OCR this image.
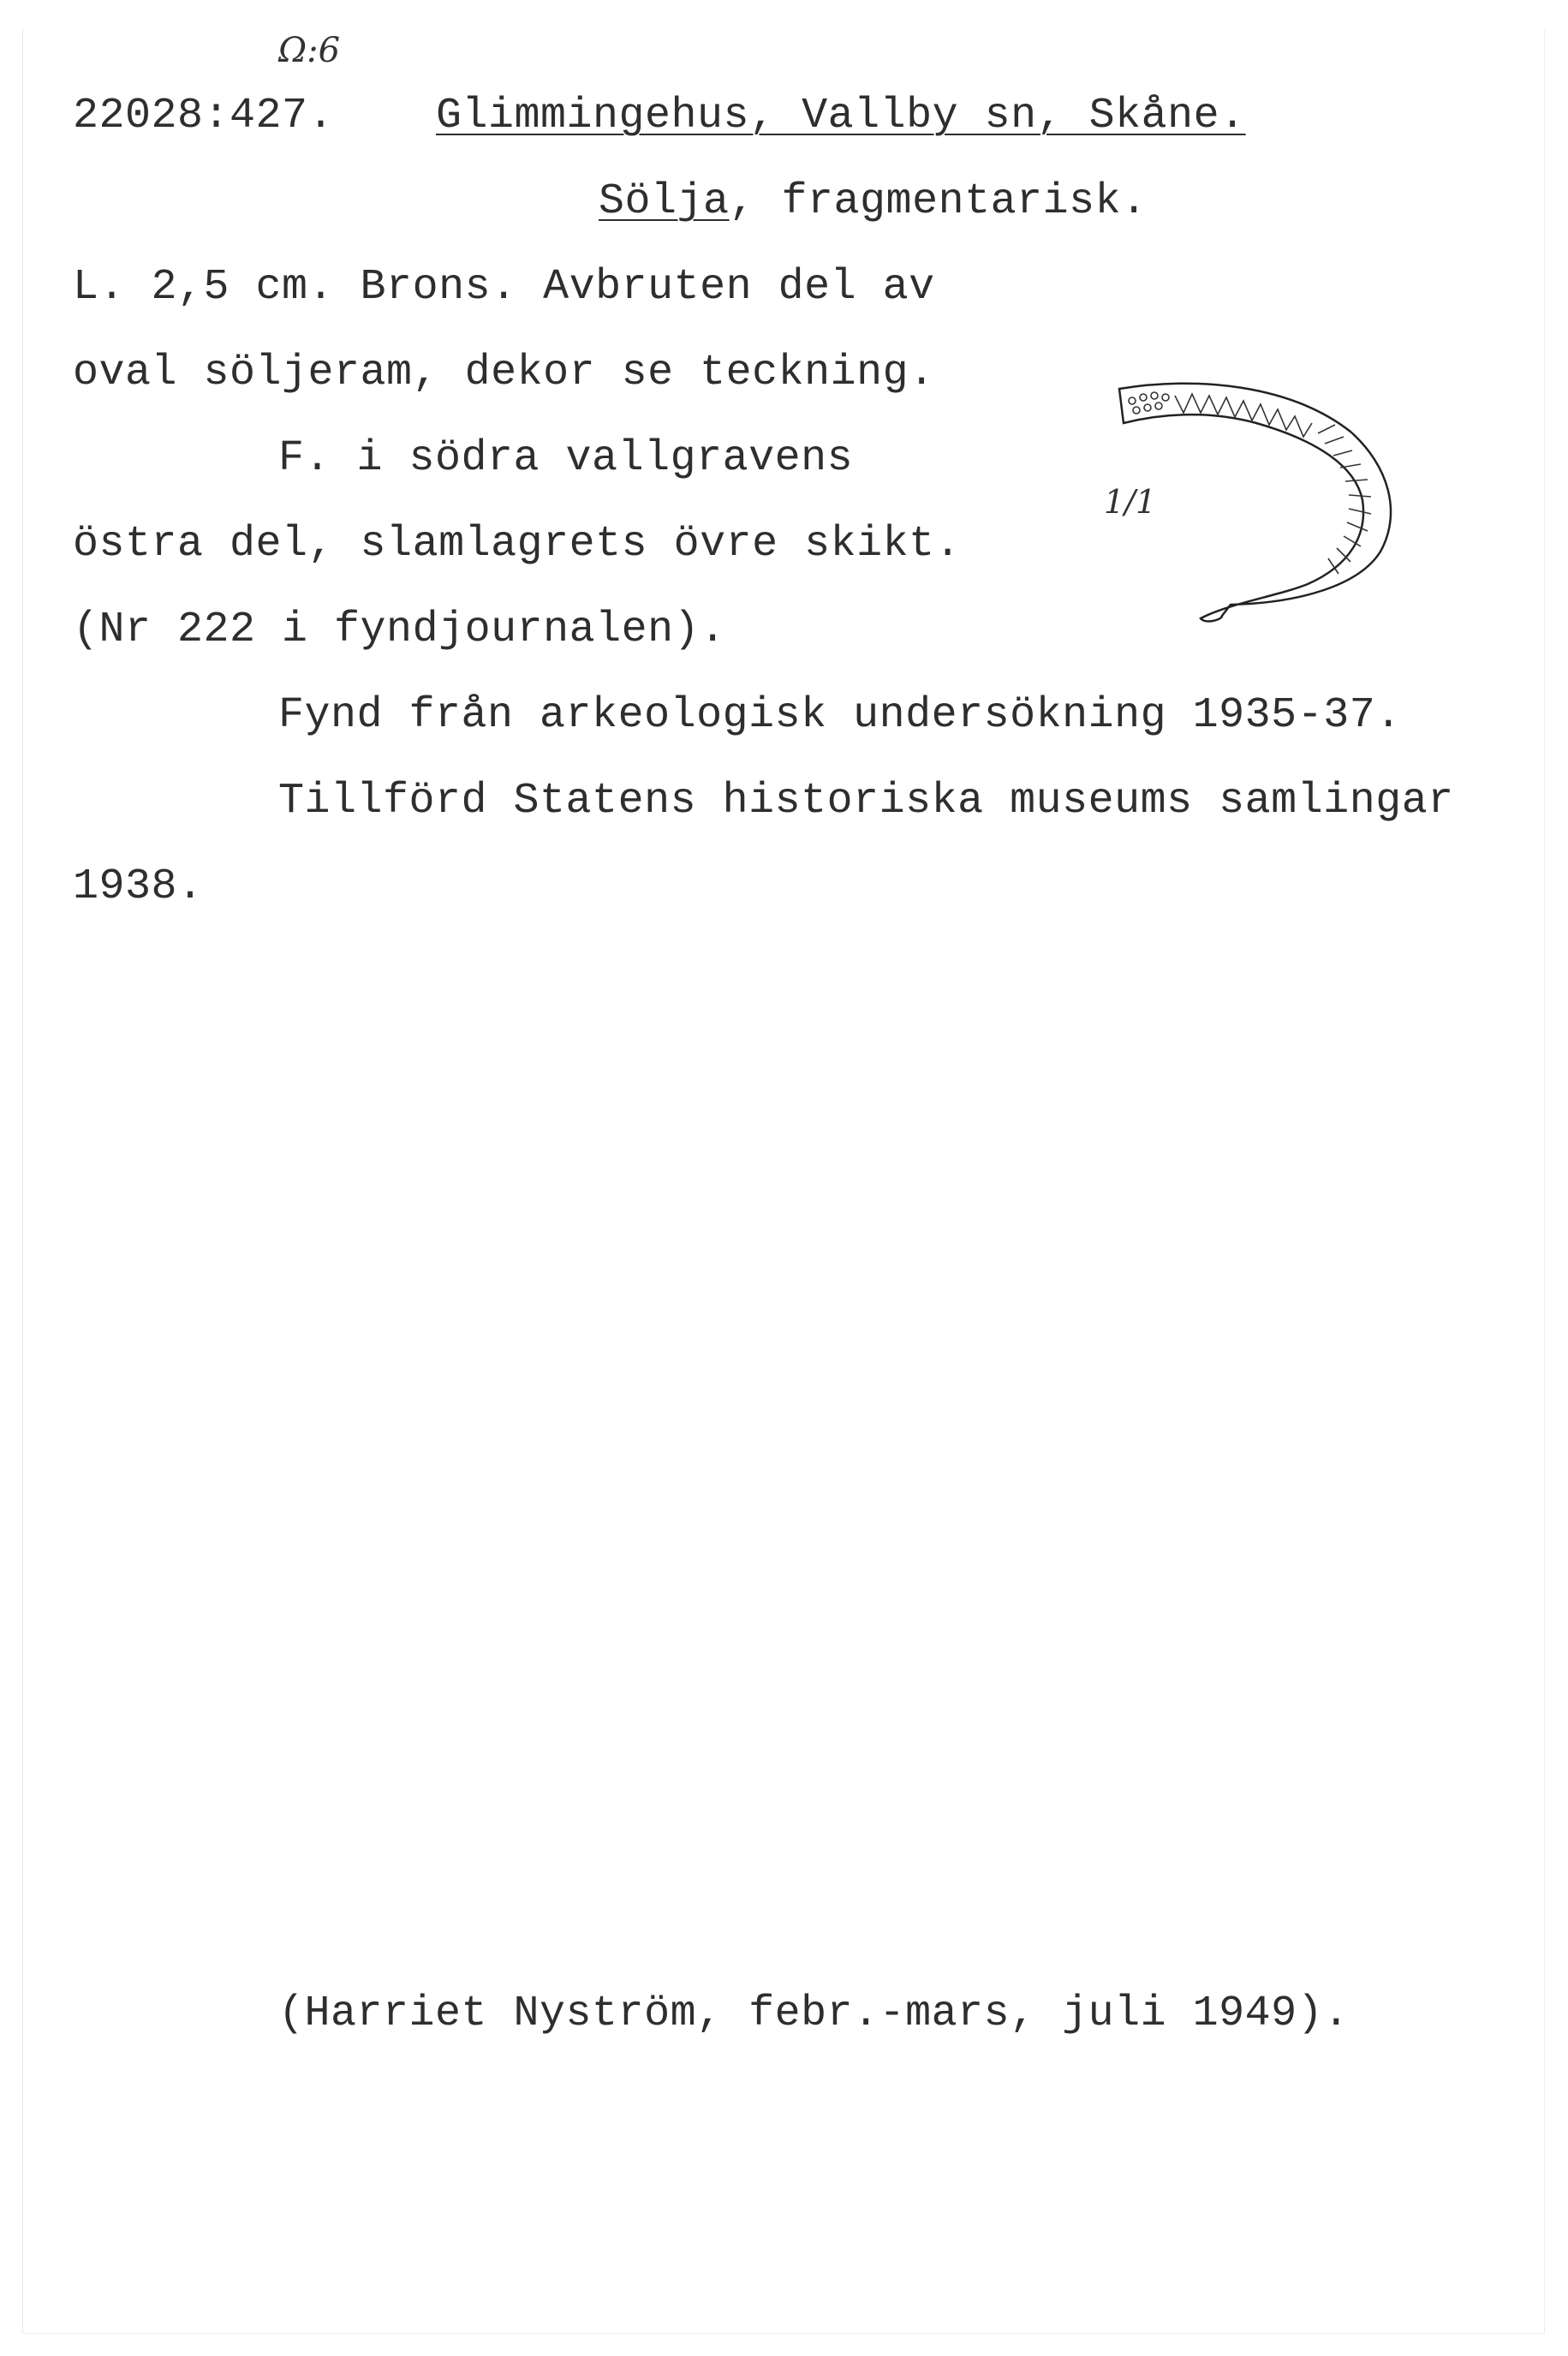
Ω:6
22028:427. Glimmingehus, Vallby sn, Skåne.
Sölja, fragmentarisk.
L. 2,5 cm. Brons. Avbruten del av
oval söljeram, dekor se teckning.
F. i södra vallgravens
östra del, slamlagrets övre skikt.
(Nr 222 i fyndjournalen).
Fynd från arkeologisk undersökning 1935-37.
Tillförd Statens historiska museums samlingar
1938.
1/1
(Harriet Nyström, febr.-mars, juli 1949).
